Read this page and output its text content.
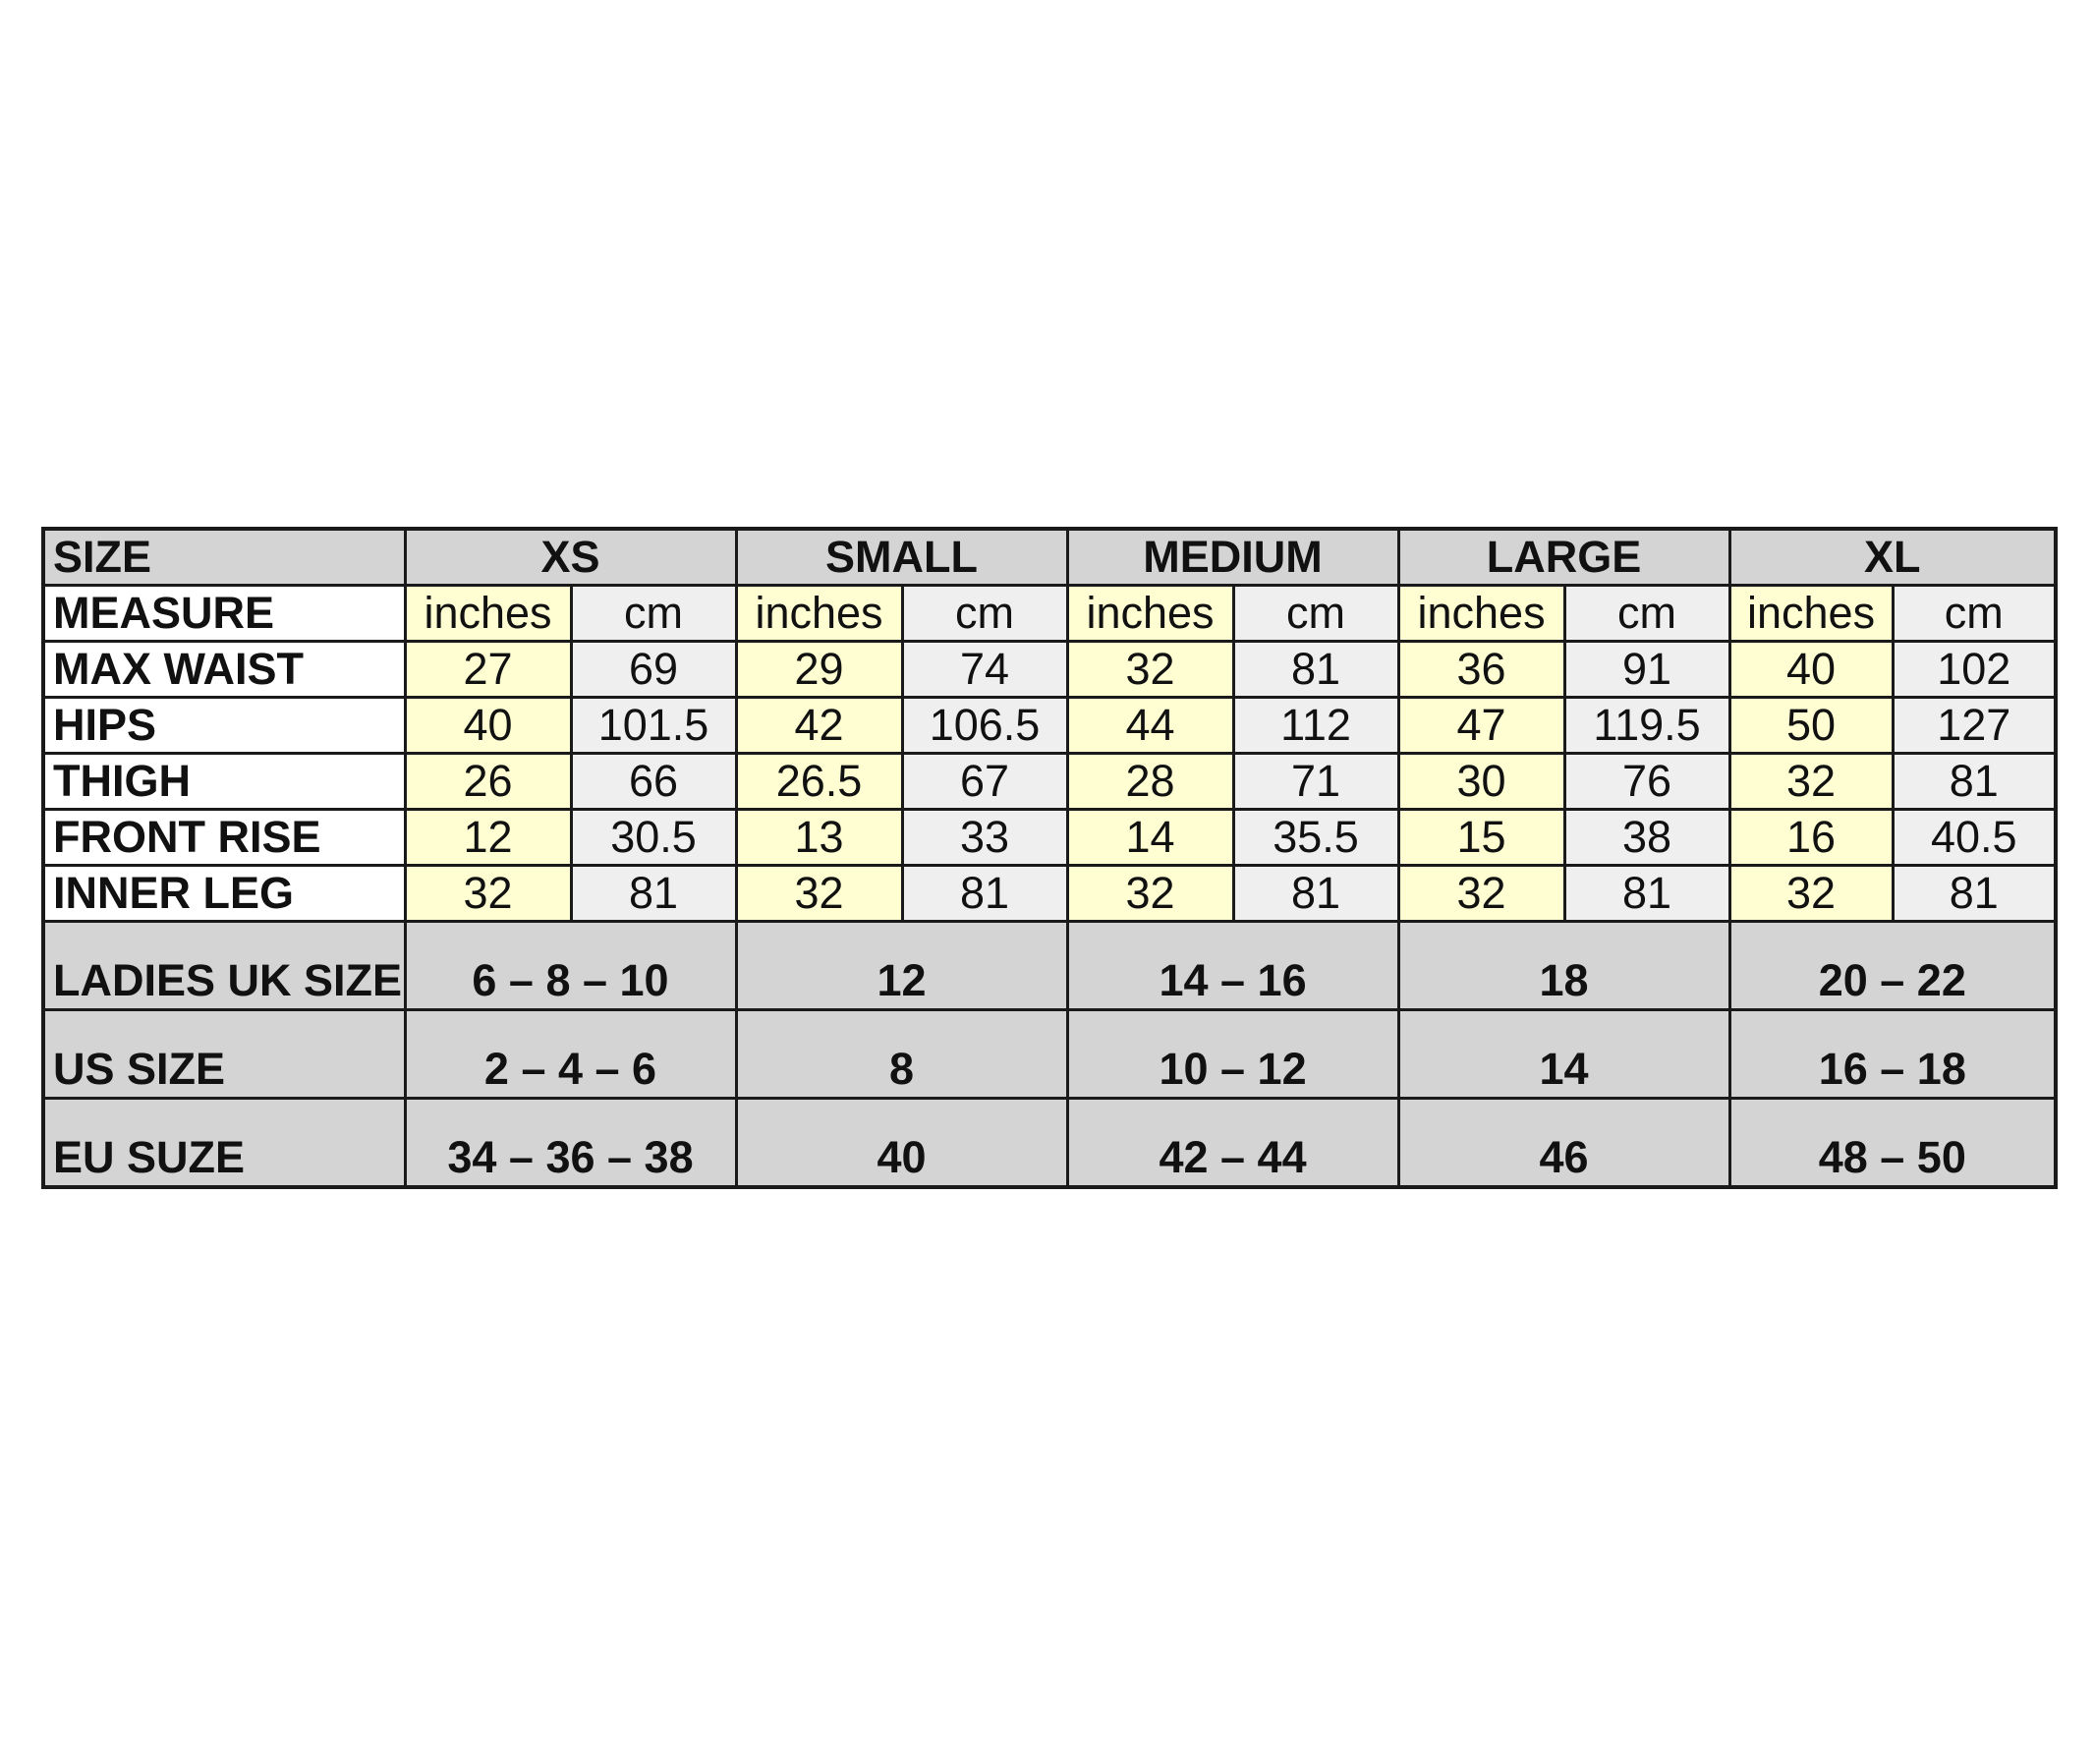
SIZE	XS		SMALL		MEDIUM		LARGE		XL	
MEASURE	inches	cm	inches	cm	inches	cm	inches	cm	inches	cm
MAX WAIST	27	69	29	74	32	81	36	91	40	102
HIPS	40	101.5	42	106.5	44	112	47	119.5	50	127
THIGH	26	66	26.5	67	28	71	30	76	32	81
FRONT RISE	12	30.5	13	33	14	35.5	15	38	16	40.5
INNER LEG	32	81	32	81	32	81	32	81	32	81
LADIES UK SIZE	6 – 8 – 10		12		14 – 16		18		20 – 22	
US SIZE	2 – 4 – 6		8		10 – 12		14		16 – 18	
EU SUZE	34 – 36 – 38		40		42 – 44		46		48 – 50	
